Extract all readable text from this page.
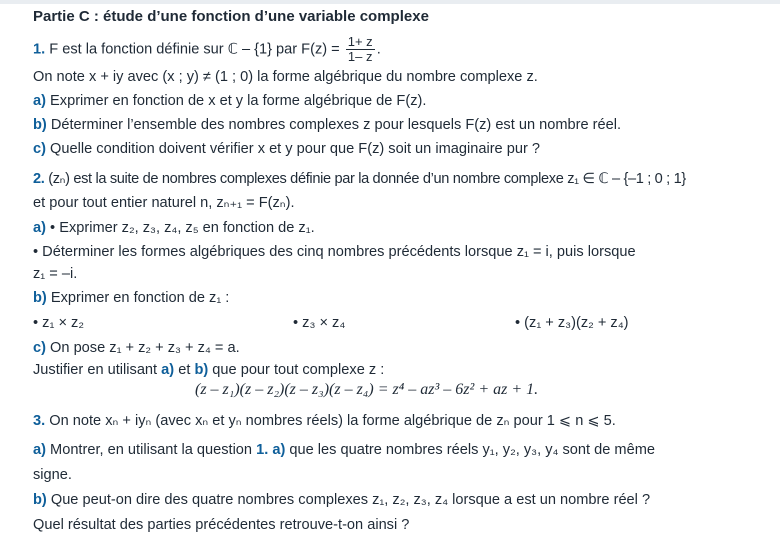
Partie C : étude d’une fonction d’une variable complexe
1. F est la fonction définie sur ℂ – {1} par $F(z) = \frac{1+ z}{1- z}$ .
On note x + iy avec (x ; y) ≠ (1 ; 0) la forme algébrique du nombre complexe z.
a) Exprimer en fonction de x et y la forme algébrique de F(z).
b) Déterminer l’ensemble des nombres complexes z pour lesquels F(z) est un nombre réel.
c) Quelle condition doivent vérifier x et y pour que F(z) soit un imaginaire pur ?
2. (zₙ) est la suite de nombres complexes définie par la donnée d’un nombre complexe z₁ ∈ ℂ – {–1 ; 0 ; 1}
et pour tout entier naturel n, zₙ₊₁ = F(zₙ).
a) • Exprimer z₂, z₃, z₄, z₅ en fonction de z₁.
• Déterminer les formes algébriques des cinq nombres précédents lorsque z₁ = i, puis lorsque
z₁ = –i.
b) Exprimer en fonction de z₁ :
• z₁ × z₂	• z₃ × z₄	• (z₁ + z₃)(z₂ + z₄)
c) On pose z₁ + z₂ + z₃ + z₄ = a.
Justifier en utilisant a) et b) que pour tout complexe z :
(z – z₁)(z – z₂)(z – z₃)(z – z₄) = z⁴ – az³ – 6z² + az + 1.
3. On note xₙ + iyₙ (avec xₙ et yₙ nombres réels) la forme algébrique de zₙ pour 1 ⩽ n ⩽ 5.
a) Montrer, en utilisant la question 1. a) que les quatre nombres réels y₁, y₂, y₃, y₄ sont de même
signe.
b) Que peut-on dire des quatre nombres complexes z₁, z₂, z₃, z₄ lorsque a est un nombre réel ?
Quel résultat des parties précédentes retrouve-t-on ainsi ?
